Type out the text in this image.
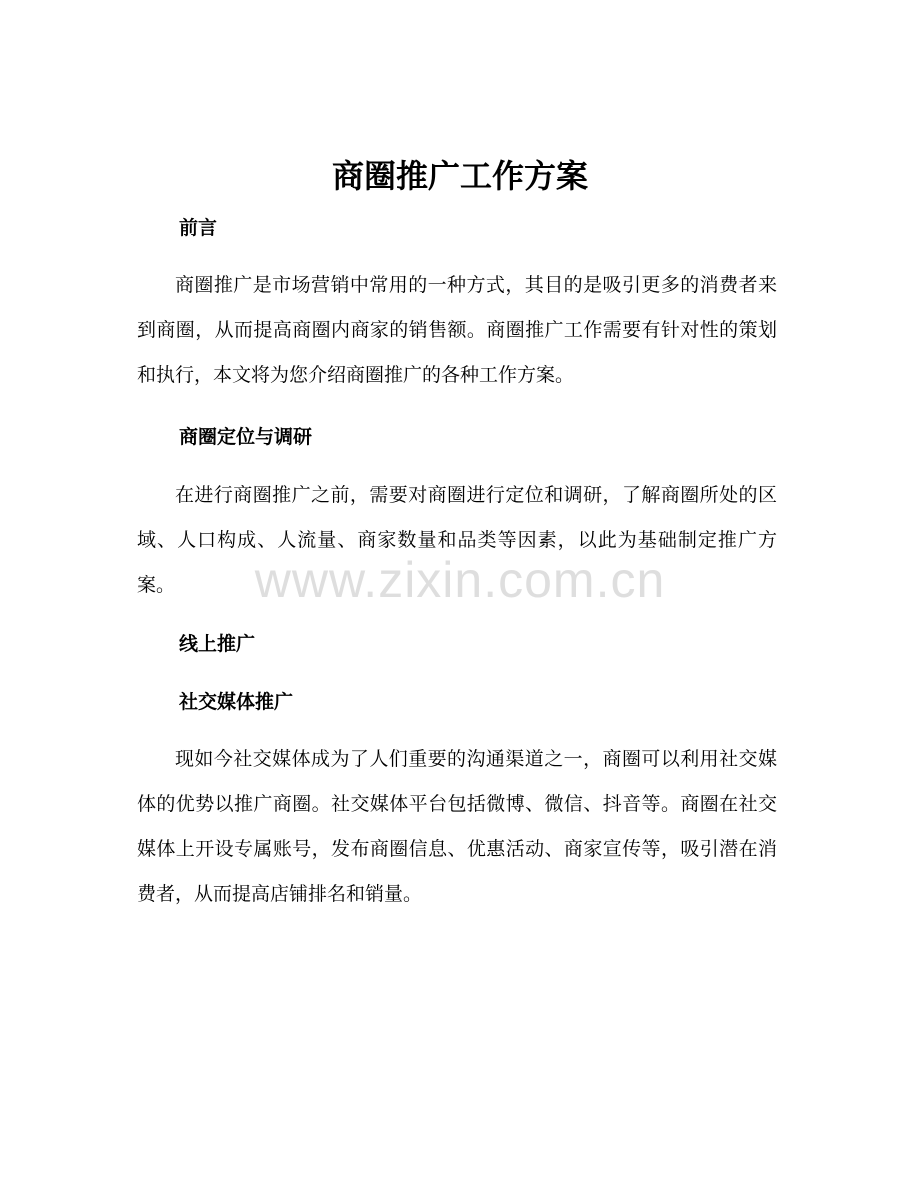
商圈推广工作方案
前言

商圈推广是市场营销中常用的一种方式，其目的是吸引更多的消费者来到商圈，从而提高商圈内商家的销售额。商圈推广工作需要有针对性的策划和执行，本文将为您介绍商圈推广的各种工作方案。

商圈定位与调研

在进行商圈推广之前，需要对商圈进行定位和调研，了解商圈所处的区域、人口构成、人流量、商家数量和品类等因素，以此为基础制定推广方案。

线上推广
社交媒体推广

现如今社交媒体成为了人们重要的沟通渠道之一，商圈可以利用社交媒体的优势以推广商圈。社交媒体平台包括微博、微信、抖音等。商圈在社交媒体上开设专属账号，发布商圈信息、优惠活动、商家宣传等，吸引潜在消费者，从而提高店铺排名和销量。

www.zixin.com.cn
